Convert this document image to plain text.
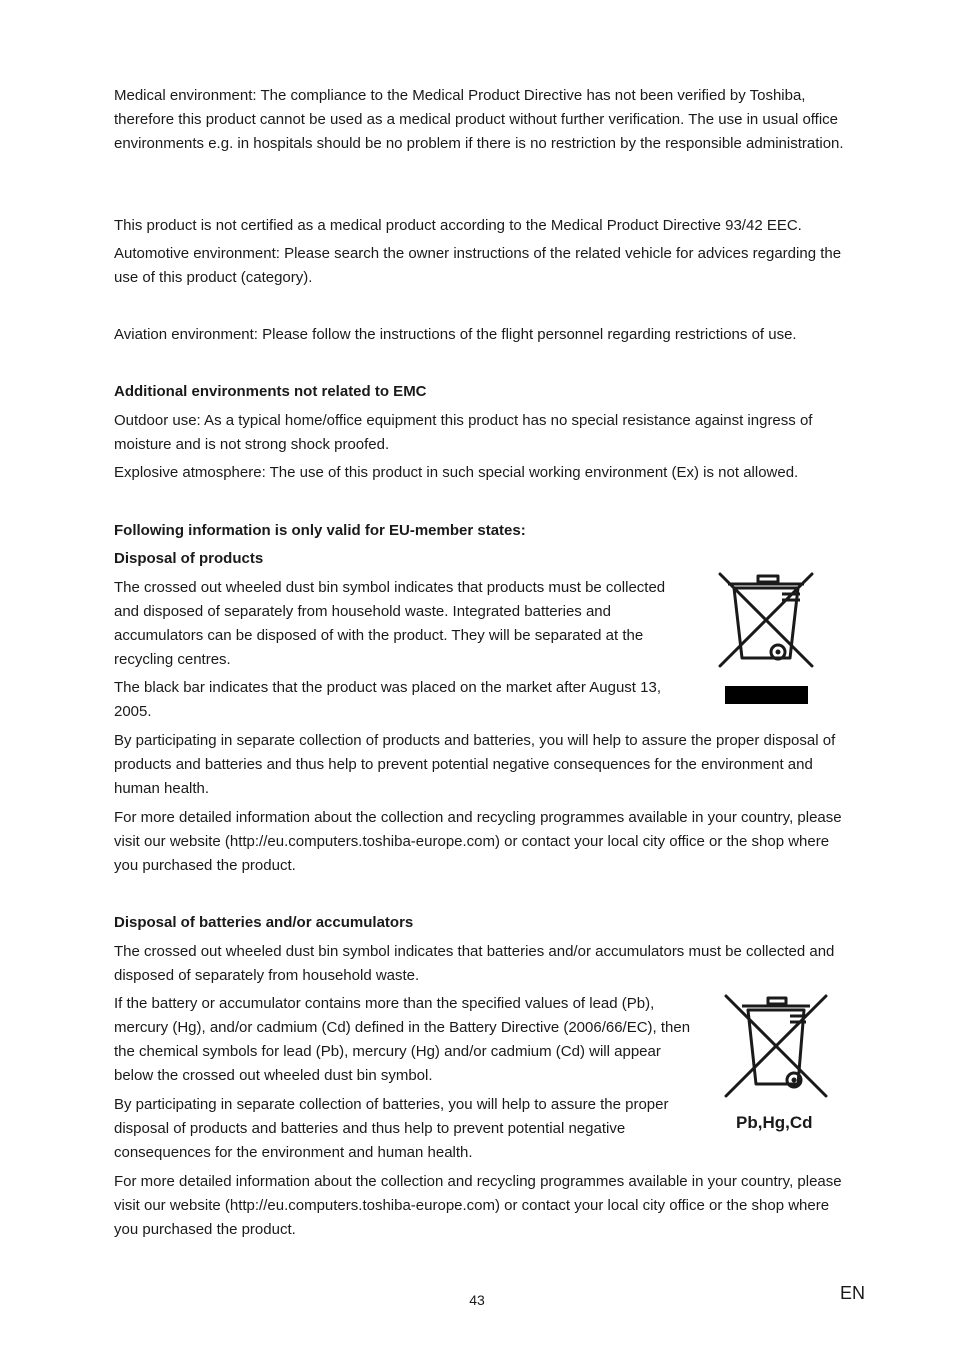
Medical environment: The compliance to the Medical Product Directive has not been verified by Toshiba, therefore this product cannot be used as a medical product without further verification. The use in usual office environments e.g. in hospitals should be no problem if there is no restriction by the responsible administration.

This product is not certified as a medical product according to the Medical Product Directive 93/42 EEC.

Automotive environment: Please search the owner instructions of the related vehicle for advices regarding the use of this product (category).

Aviation environment: Please follow the instructions of the flight personnel regarding restrictions of use.

Additional environments not related to EMC

Outdoor use: As a typical home/office equipment this product has no special resistance against ingress of moisture and is not strong shock proofed.

Explosive atmosphere: The use of this product in such special working environment (Ex) is not allowed.

Following information is only valid for EU-member states:

Disposal of products

The crossed out wheeled dust bin symbol indicates that products must be collected and disposed of separately from household waste. Integrated batteries and accumulators can be disposed of with the product. They will be separated at the recycling centres.

The black bar indicates that the product was placed on the market after August 13, 2005.

By participating in separate collection of products and batteries, you will help to assure the proper disposal of products and batteries and thus help to prevent potential negative consequences for the environment and human health.

For more detailed information about the collection and recycling programmes available in your country, please visit our website (http://eu.computers.toshiba-europe.com) or contact your local city office or the shop where you purchased the product.

Disposal of batteries and/or accumulators

The crossed out wheeled dust bin symbol indicates that batteries and/or accumulators must be collected and disposed of separately from household waste.

If the battery or accumulator contains more than the specified values of lead (Pb), mercury (Hg), and/or cadmium (Cd) defined in the Battery Directive (2006/66/EC), then the chemical symbols for lead (Pb), mercury (Hg) and/or cadmium (Cd) will appear below the crossed out wheeled dust bin symbol.

By participating in separate collection of batteries, you will help to assure the proper disposal of products and batteries and thus help to prevent potential negative consequences for the environment and human health.

For more detailed information about the collection and recycling programmes available in your country, please visit our website (http://eu.computers.toshiba-europe.com) or contact your local city office or the shop where you purchased the product.

Pb,Hg,Cd
43	EN
